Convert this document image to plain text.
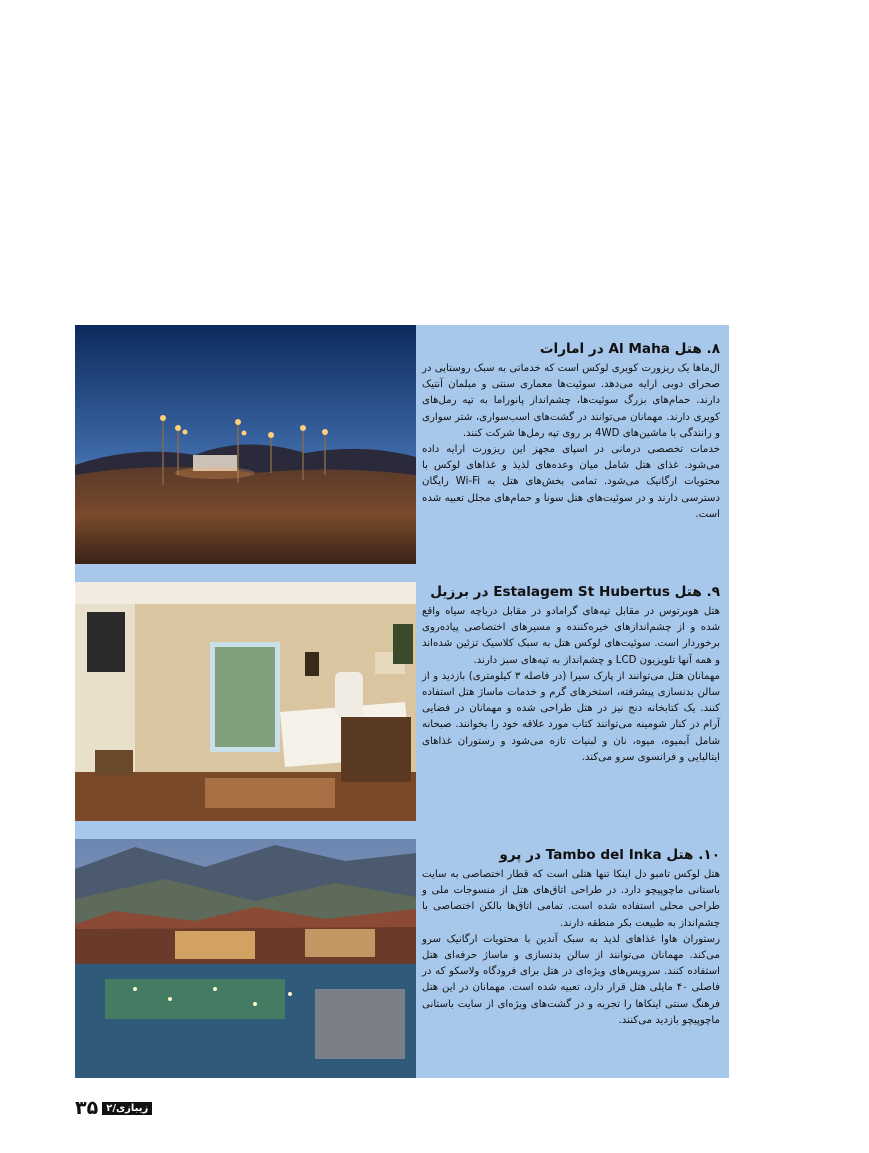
۸. هتل Al Maha در امارات

ال‌ماها یک ریزورت کویری لوکس است که خدماتی به سبک روستایی در صحرای دوبی ارایه می‌دهد. سوئیت‌ها معماری سنتی و مبلمان آنتیک دارند. حمام‌های بزرگ سوئیت‌ها، چشم‌انداز پانوراما به تپه رمل‌های کویری دارند. مهمانان می‌توانند در گشت‌های اسب‌سواری، شتر سواری و رانندگی با ماشین‌های 4WD بر روی تپه رمل‌ها شرکت کنند.

خدمات تخصصی درمانی در اسپای مجهز این ریزورت ارایه داده می‌شود. غذای هتل شامل میان وعده‌های لذیذ و غذاهای لوکس با محتویات ارگانیک می‌شود. تمامی بخش‌های هتل به Wi-Fi رایگان دسترسی دارند و در سوئیت‌های هتل سونا و حمام‌های مجلل تعبیه شده است.

۹. هتل Estalagem St Hubertus در برزیل

هتل هوبرتوس در مقابل تپه‌های گرامادو در مقابل دریاچه سیاه واقع شده و از چشم‌اندازهای خیره‌کننده و مسیرهای اختصاصی پیاده‌روی برخوردار است. سوئیت‌های لوکس هتل به سبک کلاسیک تزئین شده‌اند و همه آنها تلویزیون LCD و چشم‌انداز به تپه‌های سبز دارند.

مهمانان هتل می‌توانند از پارک سیرا (در فاصله ۳ کیلومتری) بازدید و از سالن بدنسازی پیشرفته، استخرهای گرم و خدمات ماساژ هتل استفاده کنند. یک کتابخانه دنج نیز در هتل طراحی شده و مهمانان در فضایی آرام در کنار شومینه می‌توانند کتاب مورد علاقه خود را بخوانند. صبحانه شامل آبمیوه، میوه، نان و لبنیات تازه می‌شود و رستوران غذاهای ایتالیایی و فرانسوی سرو می‌کند.

۱۰. هتل Tambo del Inka در پرو

هتل لوکس تامبو دل اینکا تنها هتلی است که قطار اختصاصی به سایت باستانی ماچوپیچو دارد. در طراحی اتاق‌های هتل از منسوجات ملی و طراحی محلی استفاده شده است. تمامی اتاق‌ها بالکن اختصاصی با چشم‌انداز به طبیعت بکر منطقه دارند.

رستوران هاوا غذاهای لذیذ به سبک آندین با محتویات ارگانیک سرو می‌کند. مهمانان می‌توانند از سالن بدنسازی و ماساژ حرفه‌ای هتل استفاده کنند. سرویس‌های ویژه‌ای در هتل برای فرودگاه ولاسکو که در فاصلی ۴۰ مایلی هتل قرار دارد، تعبیه شده است. مهمانان در این هتل فرهنگ سنتی اینکاها را تجربه و در گشت‌های ویژه‌ای از سایت باستانی ماچوپیچو بازدید می‌کنند.

۳۵ زیبازی/۲
